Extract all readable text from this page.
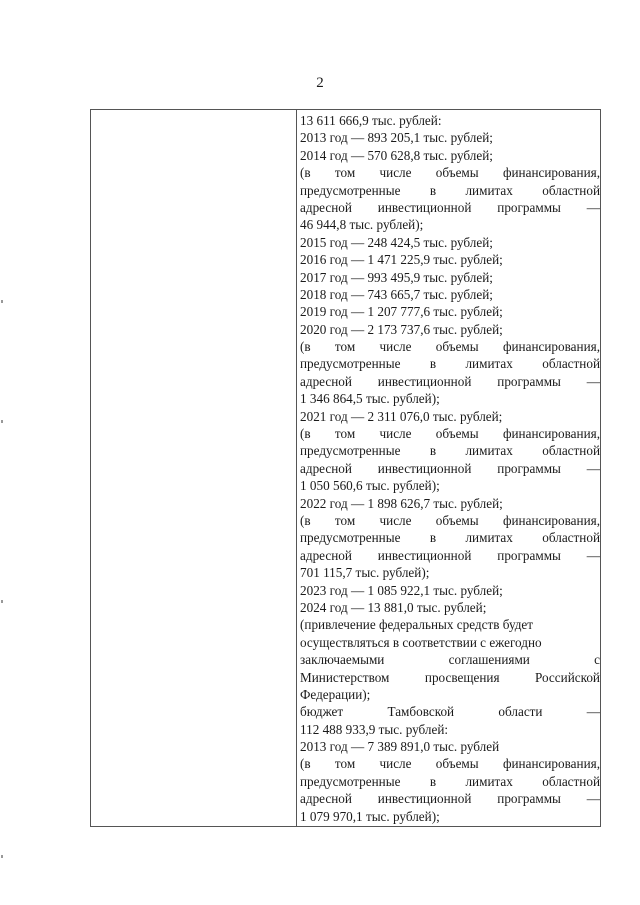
2
13 611 666,9 тыс. рублей:
2013 год — 893 205,1 тыс. рублей;
2014 год — 570 628,8 тыс. рублей;
(в том числе объемы финансирования,
предусмотренные в лимитах областной
адресной инвестиционной программы —
46 944,8 тыс. рублей);
2015 год — 248 424,5 тыс. рублей;
2016 год — 1 471 225,9 тыс. рублей;
2017 год — 993 495,9 тыс. рублей;
2018 год — 743 665,7 тыс. рублей;
2019 год — 1 207 777,6 тыс. рублей;
2020 год — 2 173 737,6 тыс. рублей;
(в том числе объемы финансирования,
предусмотренные в лимитах областной
адресной инвестиционной программы —
1 346 864,5 тыс. рублей);
2021 год — 2 311 076,0 тыс. рублей;
(в том числе объемы финансирования,
предусмотренные в лимитах областной
адресной инвестиционной программы —
1 050 560,6 тыс. рублей);
2022 год — 1 898 626,7 тыс. рублей;
(в том числе объемы финансирования,
предусмотренные в лимитах областной
адресной инвестиционной программы —
701 115,7 тыс. рублей);
2023 год — 1 085 922,1 тыс. рублей;
2024 год — 13 881,0 тыс. рублей;
(привлечение федеральных средств будет
осуществляться в соответствии с ежегодно
заключаемыми соглашениями с
Министерством просвещения Российской
Федерации);
бюджет Тамбовской области —
112 488 933,9 тыс. рублей:
2013 год — 7 389 891,0 тыс. рублей
(в том числе объемы финансирования,
предусмотренные в лимитах областной
адресной инвестиционной программы —
1 079 970,1 тыс. рублей);
